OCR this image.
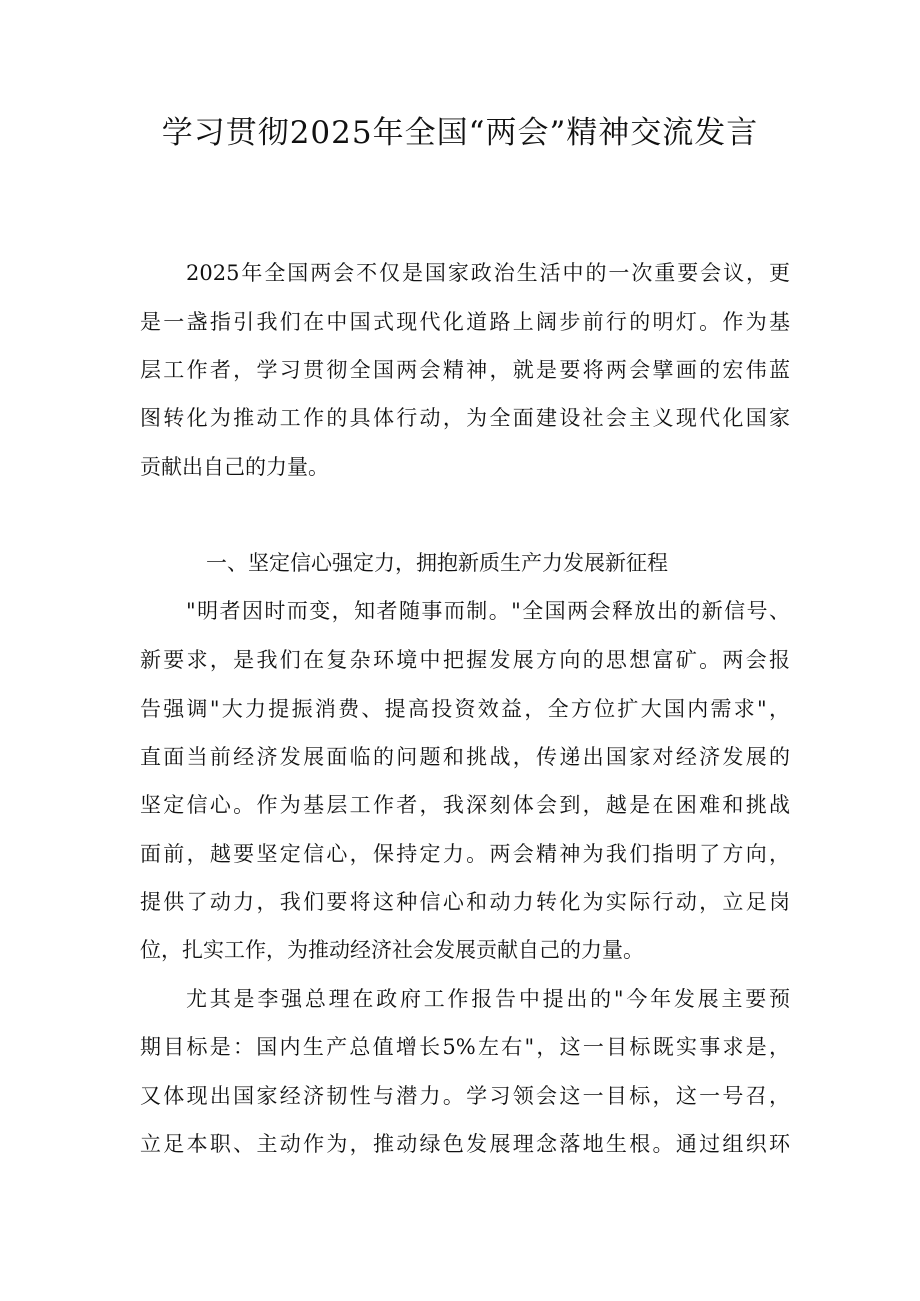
学习贯彻2025年全国“两会”精神交流发言
2025年全国两会不仅是国家政治生活中的一次重要会议，更
是一盏指引我们在中国式现代化道路上阔步前行的明灯。作为基
层工作者，学习贯彻全国两会精神，就是要将两会擘画的宏伟蓝
图转化为推动工作的具体行动，为全面建设社会主义现代化国家
贡献出自己的力量。
一、坚定信心强定力，拥抱新质生产力发展新征程
"明者因时而变，知者随事而制。"全国两会释放出的新信号、
新要求，是我们在复杂环境中把握发展方向的思想富矿。两会报
告强调"大力提振消费、提高投资效益，全方位扩大国内需求"，
直面当前经济发展面临的问题和挑战，传递出国家对经济发展的
坚定信心。作为基层工作者，我深刻体会到，越是在困难和挑战
面前，越要坚定信心，保持定力。两会精神为我们指明了方向，
提供了动力，我们要将这种信心和动力转化为实际行动，立足岗
位，扎实工作，为推动经济社会发展贡献自己的力量。
尤其是李强总理在政府工作报告中提出的"今年发展主要预
期目标是：国内生产总值增长5%左右"，这一目标既实事求是，
又体现出国家经济韧性与潜力。学习领会这一目标，这一号召，
立足本职、主动作为，推动绿色发展理念落地生根。通过组织环
